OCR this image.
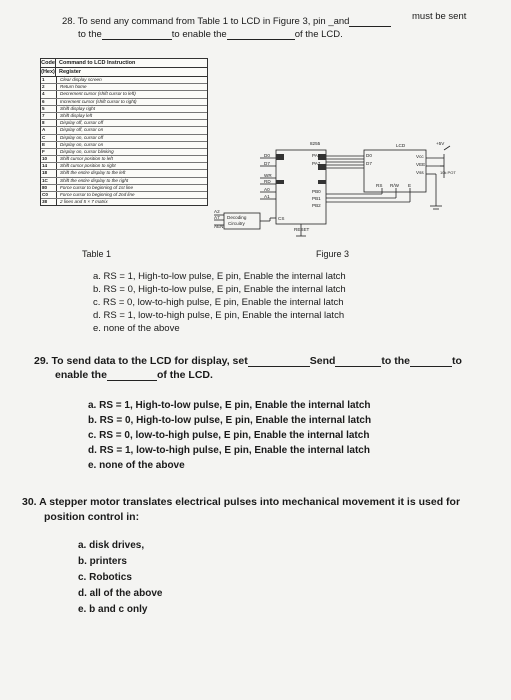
28. To send any command from Table 1 to LCD in Figure 3, pin _and	must be sent
to the	to enable the	of the LCD.
Code Command to LCD Instruction
(Hex) Register
1	Clear display screen
2	Return home
4	Decrement cursor (shift cursor to left)
6	Increment cursor (shift cursor to right)
5	Shift display right
7	Shift display left
8	Display off, cursor off
A	Display off, cursor on
C	Display on, cursor off
E	Display on, cursor on
F	Display on, cursor blinking
10	Shift cursor position to left
14	Shift cursor position to right
18	Shift the entire display to the left
1C	Shift the entire display to the right
80	Force cursor to beginning of 1st line
C0	Force cursor to beginning of 2nd line
38	2 lines and 5 × 7 matrix
Table 1
8255	LCD	+5V
10k POT
Vcc
VEE
Vss
RS R/W E
D0
D7
PA0
PA7
D0
D7
PB0
PB1
PB2
WR
RD
A0
A1
CS
RESET
Decoding
Circuitry
A2
A7
AEN
Figure 3
a. RS = 1, High-to-low pulse, E pin, Enable the internal latch
b. RS = 0, High-to-low pulse, E pin, Enable the internal latch
c. RS = 0, low-to-high pulse, E pin, Enable the internal latch
d. RS = 1, low-to-high pulse, E pin, Enable the internal latch
e. none of the above
29. To send data to the LCD for display, set	Send	to the	to
enable the	of the LCD.
a. RS = 1, High-to-low pulse, E pin, Enable the internal latch
b. RS = 0, High-to-low pulse, E pin, Enable the internal latch
c. RS = 0, low-to-high pulse, E pin, Enable the internal latch
d. RS = 1, low-to-high pulse, E pin, Enable the internal latch
e. none of the above
30. A stepper motor translates electrical pulses into mechanical movement it is used for
position control in:
a. disk drives,
b. printers
c. Robotics
d. all of the above
e. b and c only
